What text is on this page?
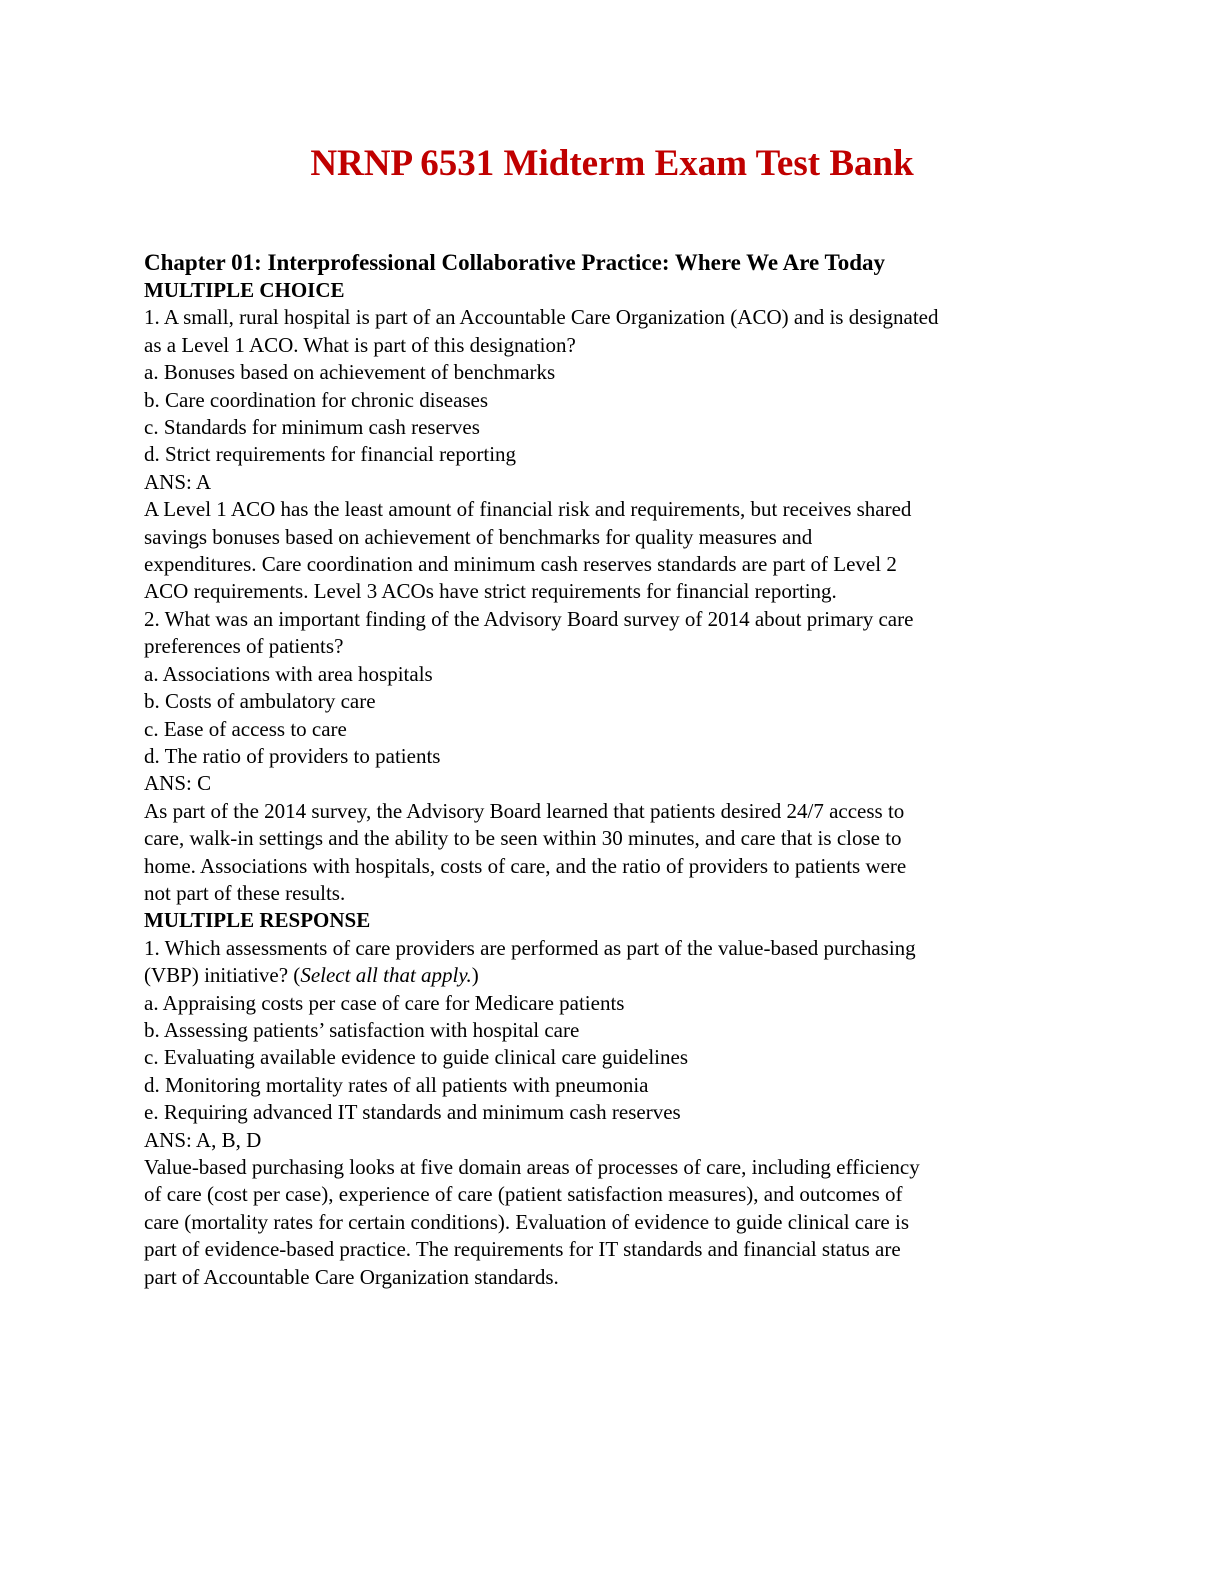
NRNP 6531 Midterm Exam Test Bank

Chapter 01: Interprofessional Collaborative Practice: Where We Are Today

MULTIPLE CHOICE

1. A small, rural hospital is part of an Accountable Care Organization (ACO) and is designated

as a Level 1 ACO. What is part of this designation?

a. Bonuses based on achievement of benchmarks

b. Care coordination for chronic diseases

c. Standards for minimum cash reserves

d. Strict requirements for financial reporting

ANS: A

A Level 1 ACO has the least amount of financial risk and requirements, but receives shared

savings bonuses based on achievement of benchmarks for quality measures and

expenditures. Care coordination and minimum cash reserves standards are part of Level 2

ACO requirements. Level 3 ACOs have strict requirements for financial reporting.

2. What was an important finding of the Advisory Board survey of 2014 about primary care

preferences of patients?

a. Associations with area hospitals

b. Costs of ambulatory care

c. Ease of access to care

d. The ratio of providers to patients

ANS: C

As part of the 2014 survey, the Advisory Board learned that patients desired 24/7 access to

care, walk-in settings and the ability to be seen within 30 minutes, and care that is close to

home. Associations with hospitals, costs of care, and the ratio of providers to patients were

not part of these results.

MULTIPLE RESPONSE

1. Which assessments of care providers are performed as part of the value-based purchasing

(VBP) initiative? (Select all that apply.)

a. Appraising costs per case of care for Medicare patients

b. Assessing patients’ satisfaction with hospital care

c. Evaluating available evidence to guide clinical care guidelines

d. Monitoring mortality rates of all patients with pneumonia

e. Requiring advanced IT standards and minimum cash reserves

ANS: A, B, D

Value-based purchasing looks at five domain areas of processes of care, including efficiency

of care (cost per case), experience of care (patient satisfaction measures), and outcomes of

care (mortality rates for certain conditions). Evaluation of evidence to guide clinical care is

part of evidence-based practice. The requirements for IT standards and financial status are

part of Accountable Care Organization standards.
